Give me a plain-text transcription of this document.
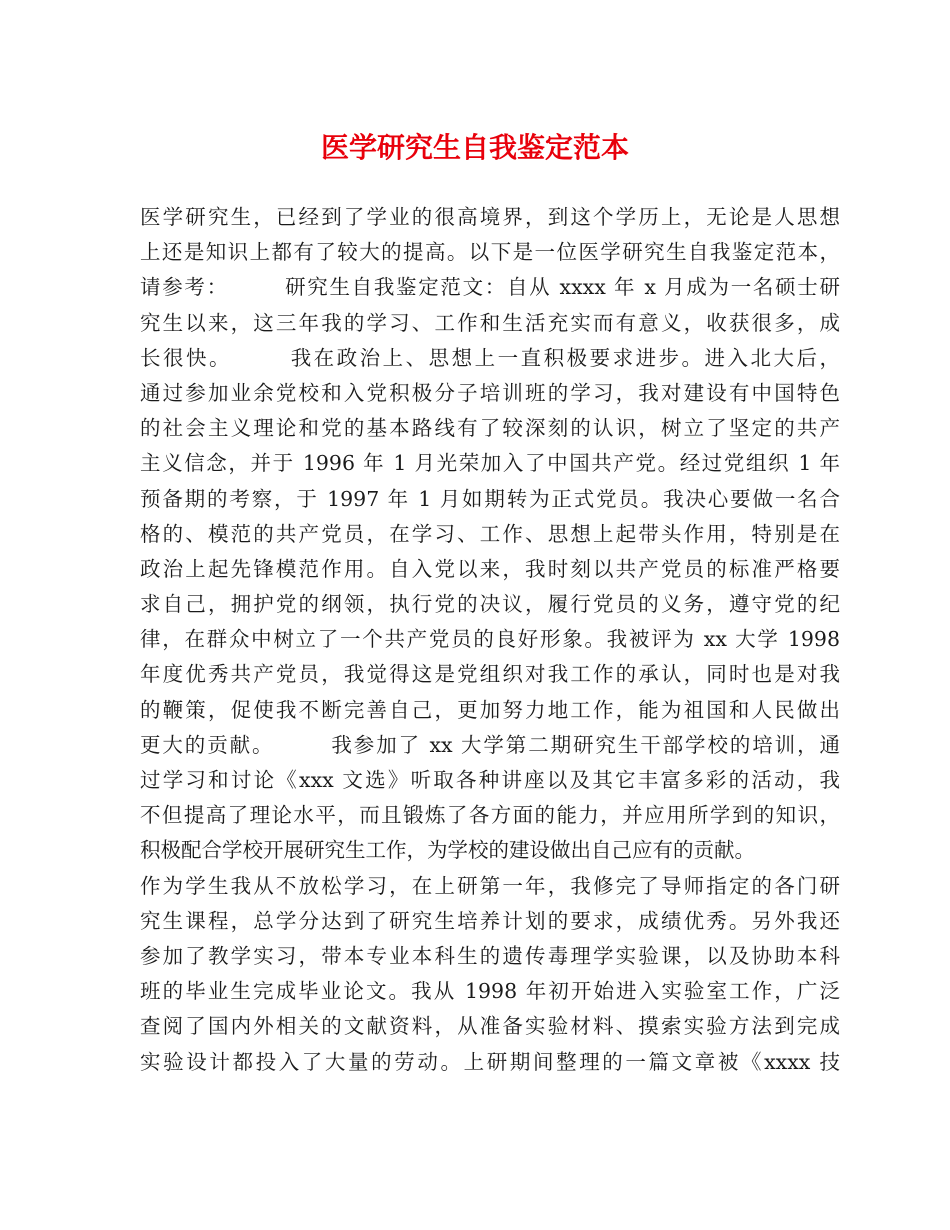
医学研究生自我鉴定范本
医学研究生，已经到了学业的很高境界，到这个学历上，无论是人思想
上还是知识上都有了较大的提高。以下是一位医学研究生自我鉴定范本，
请参考：　　　研究生自我鉴定范文：自从 xxxx 年 x 月成为一名硕士研
究生以来，这三年我的学习、工作和生活充实而有意义，收获很多，成
长很快。　　　我在政治上、思想上一直积极要求进步。进入北大后，
通过参加业余党校和入党积极分子培训班的学习，我对建设有中国特色
的社会主义理论和党的基本路线有了较深刻的认识，树立了坚定的共产
主义信念，并于 1996 年 1 月光荣加入了中国共产党。经过党组织 1 年
预备期的考察，于 1997 年 1 月如期转为正式党员。我决心要做一名合
格的、模范的共产党员，在学习、工作、思想上起带头作用，特别是在
政治上起先锋模范作用。自入党以来，我时刻以共产党员的标准严格要
求自己，拥护党的纲领，执行党的决议，履行党员的义务，遵守党的纪
律，在群众中树立了一个共产党员的良好形象。我被评为 xx 大学 1998
年度优秀共产党员，我觉得这是党组织对我工作的承认，同时也是对我
的鞭策，促使我不断完善自己，更加努力地工作，能为祖国和人民做出
更大的贡献。　　　我参加了 xx 大学第二期研究生干部学校的培训，通
过学习和讨论《xxx 文选》听取各种讲座以及其它丰富多彩的活动，我
不但提高了理论水平，而且锻炼了各方面的能力，并应用所学到的知识，
积极配合学校开展研究生工作，为学校的建设做出自己应有的贡献。
作为学生我从不放松学习，在上研第一年，我修完了导师指定的各门研
究生课程，总学分达到了研究生培养计划的要求，成绩优秀。另外我还
参加了教学实习，带本专业本科生的遗传毒理学实验课，以及协助本科
班的毕业生完成毕业论文。我从 1998 年初开始进入实验室工作，广泛
查阅了国内外相关的文献资料，从准备实验材料、摸索实验方法到完成
实验设计都投入了大量的劳动。上研期间整理的一篇文章被《xxxx 技
